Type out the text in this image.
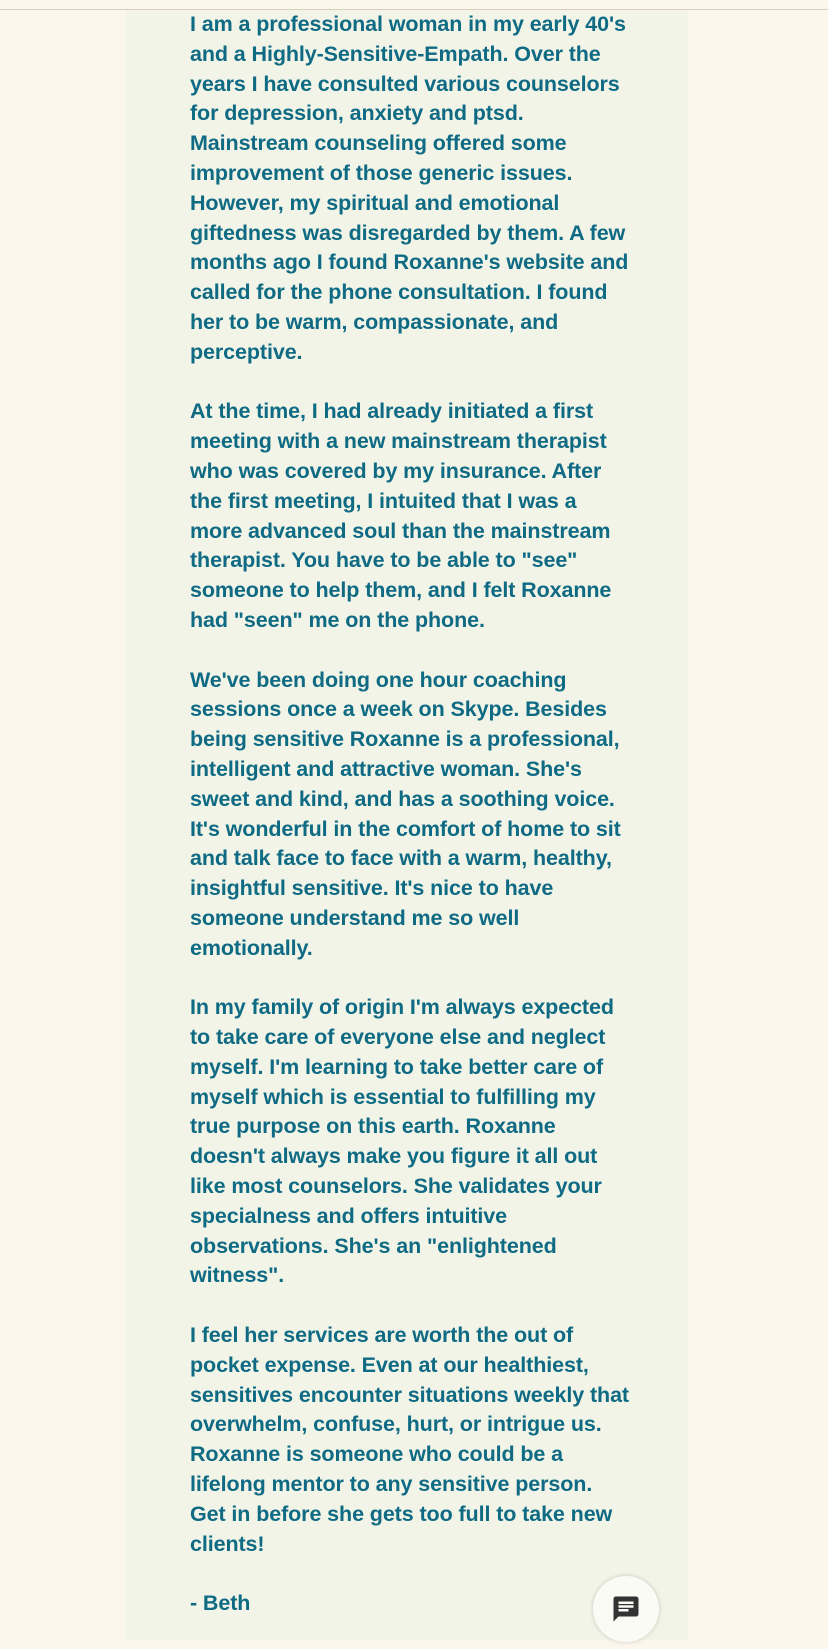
I am a professional woman in my early 40's and a Highly-Sensitive-Empath. Over the years I have consulted various counselors for depression, anxiety and ptsd. Mainstream counseling offered some improvement of those generic issues. However, my spiritual and emotional giftedness was disregarded by them. A few months ago I found Roxanne's website and called for the phone consultation. I found her to be warm, compassionate, and perceptive.

At the time, I had already initiated a first meeting with a new mainstream therapist who was covered by my insurance. After the first meeting, I intuited that I was a more advanced soul than the mainstream therapist. You have to be able to "see" someone to help them, and I felt Roxanne had "seen" me on the phone.

We've been doing one hour coaching sessions once a week on Skype. Besides being sensitive Roxanne is a professional, intelligent and attractive woman. She's sweet and kind, and has a soothing voice. It's wonderful in the comfort of home to sit and talk face to face with a warm, healthy, insightful sensitive. It's nice to have someone understand me so well emotionally.

In my family of origin I'm always expected to take care of everyone else and neglect myself. I'm learning to take better care of myself which is essential to fulfilling my true purpose on this earth. Roxanne doesn't always make you figure it all out like most counselors. She validates your specialness and offers intuitive observations. She's an "enlightened witness".

I feel her services are worth the out of pocket expense. Even at our healthiest, sensitives encounter situations weekly that overwhelm, confuse, hurt, or intrigue us. Roxanne is someone who could be a lifelong mentor to any sensitive person. Get in before she gets too full to take new clients!

- Beth
